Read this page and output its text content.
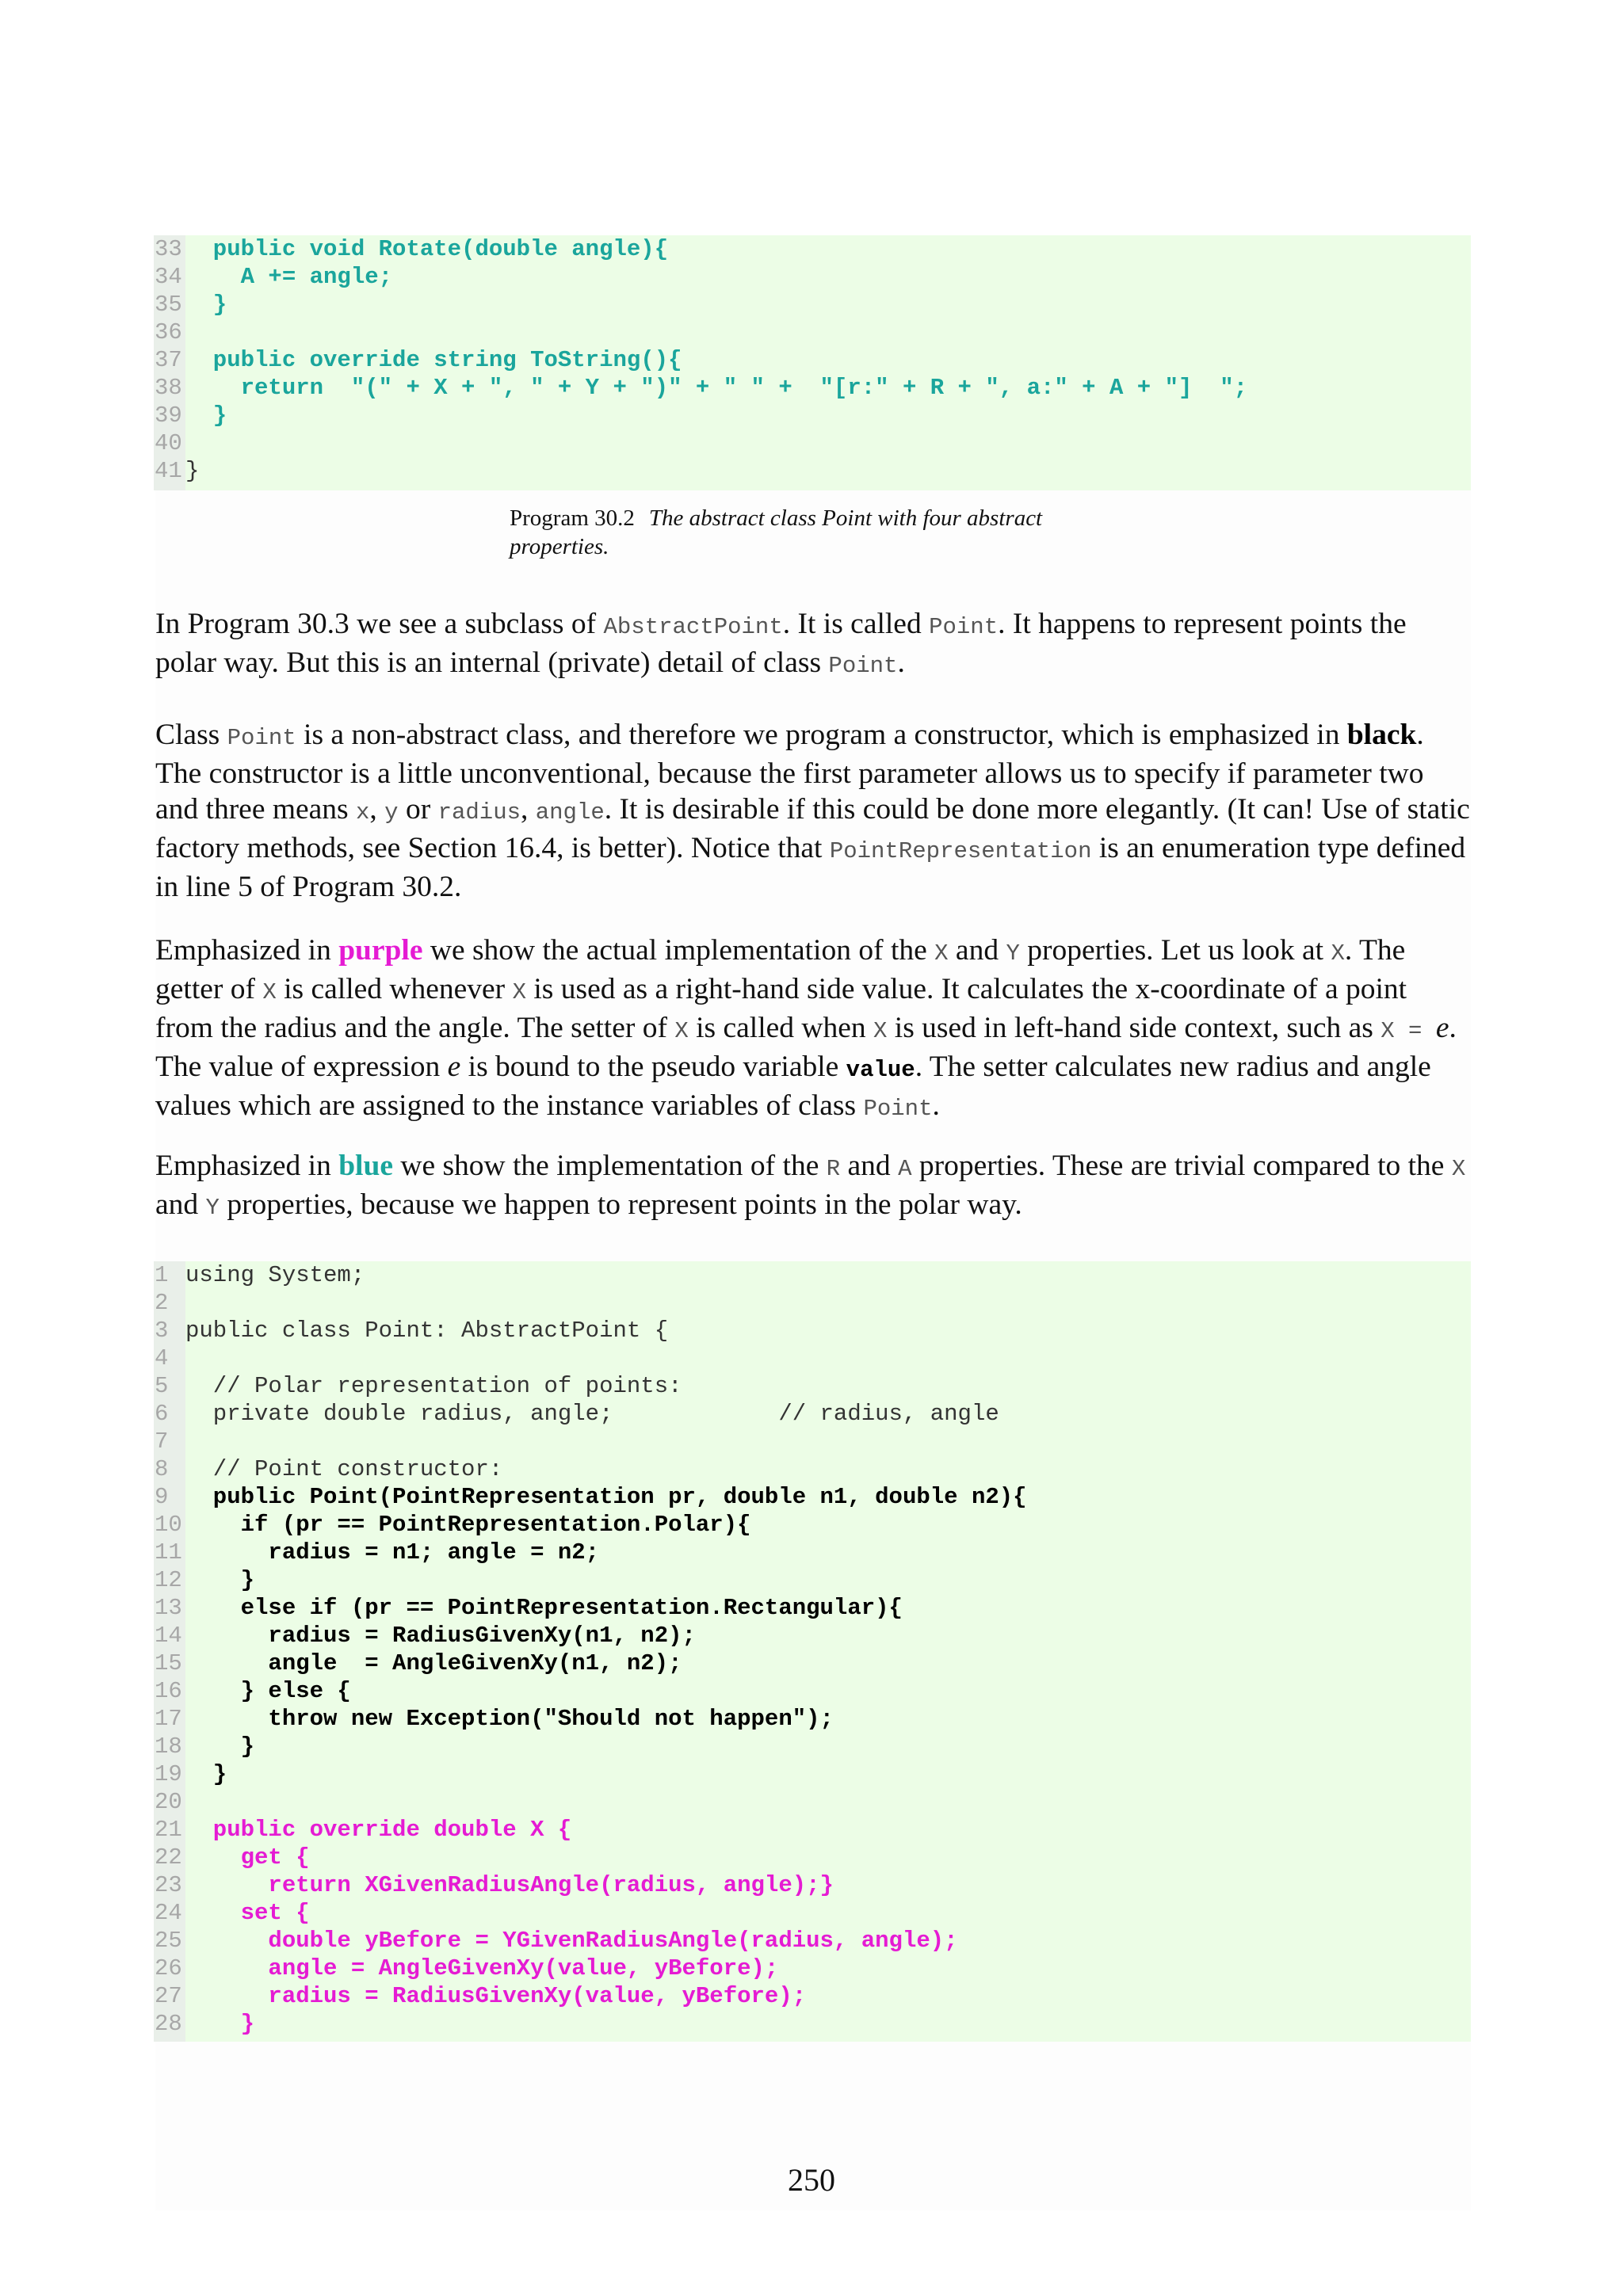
33  public void Rotate(double angle){
34    A += angle;
35  }
36
37  public override string ToString(){
38    return  "(" + X + ", " + Y + ")" + " " +  "[r:" + R + ", a:" + A + "]  ";
39  }
40
41 }
Program 30.2 The abstract class Point with four abstract properties.

In Program 30.3 we see a subclass of AbstractPoint. It is called Point. It happens to represent points the polar way. But this is an internal (private) detail of class Point.

Class Point is a non-abstract class, and therefore we program a constructor, which is emphasized in black. The constructor is a little unconventional, because the first parameter allows us to specify if parameter two and three means x, y or radius, angle. It is desirable if this could be done more elegantly. (It can! Use of static factory methods, see Section 16.4, is better). Notice that PointRepresentation is an enumeration type defined in line 5 of Program 30.2.

Emphasized in purple we show the actual implementation of the X and Y properties. Let us look at X. The getter of X is called whenever X is used as a right-hand side value. It calculates the x-coordinate of a point from the radius and the angle. The setter of X is called when X is used in left-hand side context, such as X = e. The value of expression e is bound to the pseudo variable value. The setter calculates new radius and angle values which are assigned to the instance variables of class Point.

Emphasized in blue we show the implementation of the R and A properties. These are trivial compared to the X and Y properties, because we happen to represent points in the polar way.

1 using System;
2
3 public class Point: AbstractPoint {
4
5  // Polar representation of points:
6  private double radius, angle;            // radius, angle
7
8  // Point constructor:
9  public Point(PointRepresentation pr, double n1, double n2){
10    if (pr == PointRepresentation.Polar){
11      radius = n1; angle = n2;
12    }
13    else if (pr == PointRepresentation.Rectangular){
14      radius = RadiusGivenXy(n1, n2);
15      angle  = AngleGivenXy(n1, n2);
16    } else {
17      throw new Exception("Should not happen");
18    }
19  }
20
21  public override double X {
22    get {
23      return XGivenRadiusAngle(radius, angle);}
24    set {
25      double yBefore = YGivenRadiusAngle(radius, angle);
26      angle = AngleGivenXy(value, yBefore);
27      radius = RadiusGivenXy(value, yBefore);
28    }
250
